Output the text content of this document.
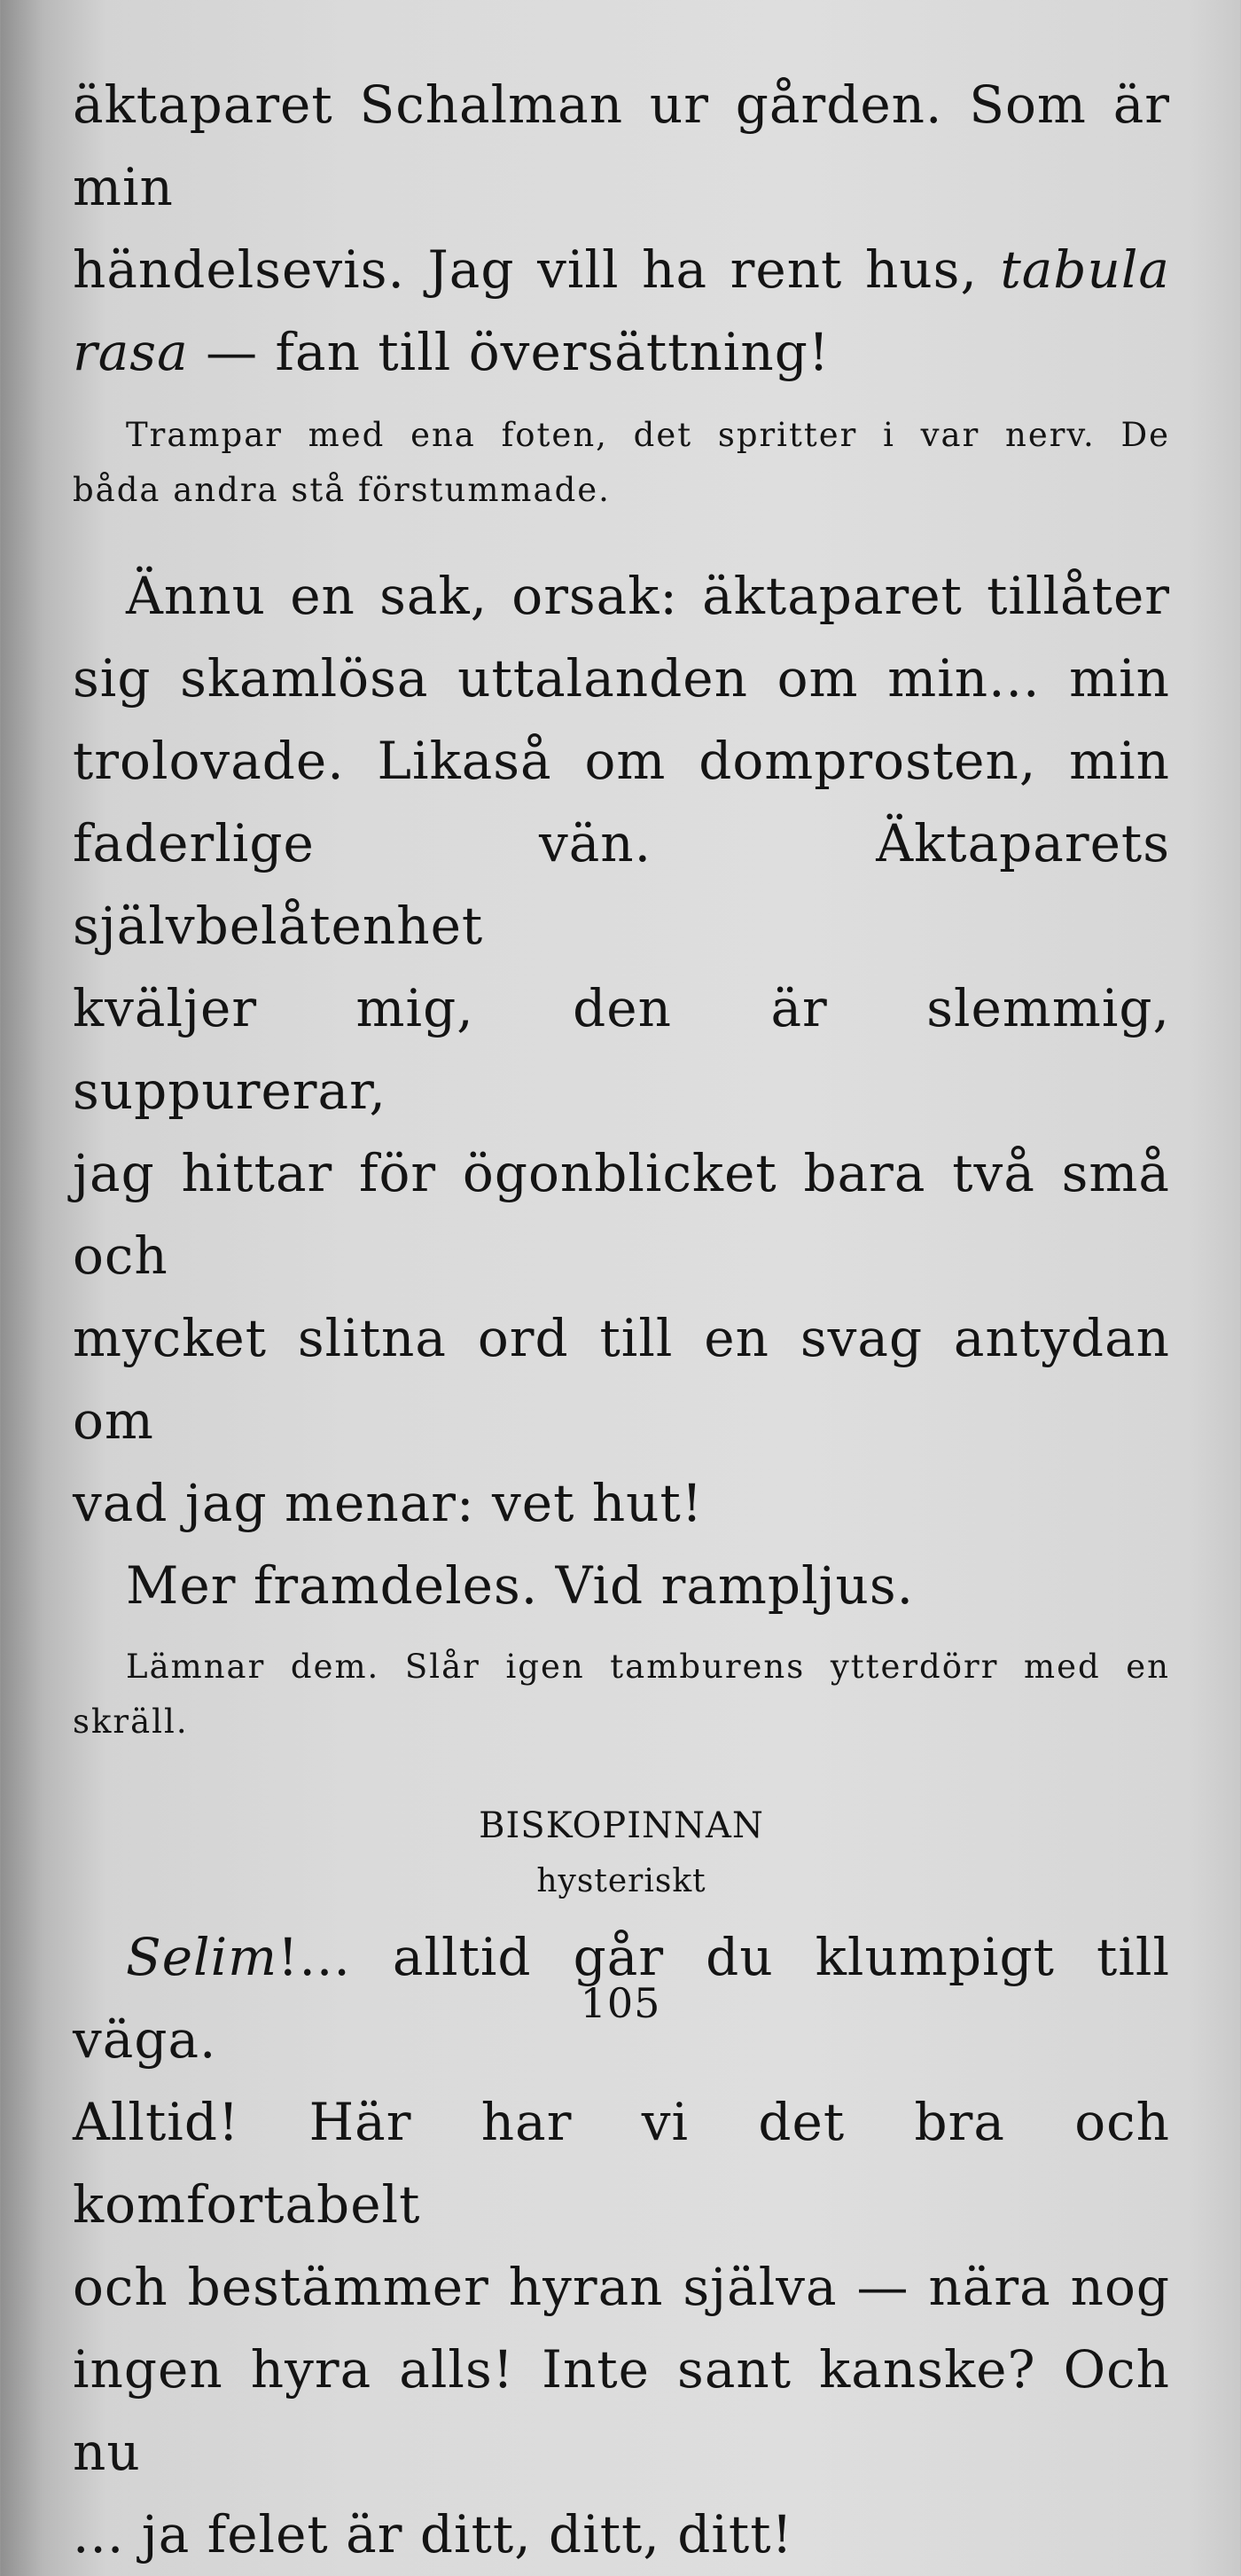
äktaparet Schalman ur gården. Som är min
händelsevis. Jag vill ha rent hus, tabula
rasa — fan till översättning!
Trampar med ena foten, det spritter i var nerv. De
båda andra stå förstummade.
Ännu en sak, orsak: äktaparet tillåter
sig skamlösa uttalanden om min... min
trolovade. Likaså om domprosten, min
faderlige vän. Äktaparets självbelåtenhet
kväljer mig, den är slemmig, suppurerar,
jag hittar för ögonblicket bara två små och
mycket slitna ord till en svag antydan om
vad jag menar: vet hut!
Mer framdeles. Vid rampljus.
Lämnar dem. Slår igen tamburens ytterdörr med en
skräll.
BISKOPINNAN
hysteriskt
Selim!... alltid går du klumpigt till väga.
Alltid! Här har vi det bra och komfortabelt
och bestämmer hyran själva — nära nog
ingen hyra alls! Inte sant kanske? Och nu
... ja felet är ditt, ditt, ditt!
105
